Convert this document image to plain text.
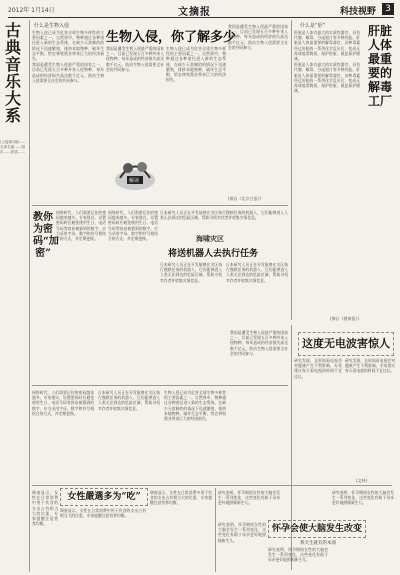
2012年 1月14日	文摘报	科技视野	3
古典音乐大系
(上接第1版)……名家名曲……国乐……欣赏……
什么是生物入侵

生物入侵已成为危害全球生物多样性的主要因素之一。自然界中，物种通过各种途径进入新的生态系统，在缺少天敌制约的情况下迅速繁殖，排挤本地物种，破坏生态平衡，给农林牧渔业带来巨大的经济损失。

我国是遭受生物入侵最严重的国家之一，目前已发现五百多种外来入侵物种，每年造成的经济损失高达数千亿元。防治生物入侵需要全社会的共同参与。

生物入侵，你了解多少
我国是遭受生物入侵最严重的国家之一，目前已发现五百多种外来入侵物种，每年造成的经济损失高达数千亿元。防治生物入侵需要全社会的共同参与。
生物入侵已成为危害全球生物多样性的主要因素之一。自然界中，物种通过各种途径进入新的生态系统，在缺少天敌制约的情况下迅速繁殖，排挤本地物种，破坏生态平衡，给农林牧渔业带来巨大的经济损失。
解读
我国是遭受生物入侵最严重的国家之一，目前已发现五百多种外来入侵物种，每年造成的经济损失高达数千亿元。防治生物入侵需要全社会的共同参与。
(摘自《北京日报》)
什么是“肝”

肝脏是人体内最大的实质性器官，具有代谢、解毒、分泌胆汁等多种功能。肝脏是人体最重要的解毒器官，各种毒素经过肝脏的一系列化学反应后，变成无毒或低毒物质。保护肝脏，就是保护健康。

肝脏是人体内最大的实质性器官，具有代谢、解毒、分泌胆汁等多种功能。肝脏是人体最重要的解毒器官，各种毒素经过肝脏的一系列化学反应后，变成无毒或低毒物质。保护肝脏，就是保护健康。

肝脏人体最重要的解毒工厂
(摘自《健康报》)
教你为密码“加密”
网络时代，人们需要记住的密码越来越多。专家建议，设置密码时应避免使用生日、电话号码等容易被猜到的数字，应当采用字母、数字和符号相结合的方式，并定期更换。
网络时代，人们需要记住的密码越来越多。专家建议，设置密码时应避免使用生日、电话号码等容易被猜到的数字，应当采用字母、数字和符号相结合的方式，并定期更换。	海啸灾区
将送机器人去执行任务
日本研究人员正在开发能够在灾区执行搜救任务的机器人，它们能够进入人类无法到达的危险区域，帮助寻找幸存者并收集灾情信息。
日本研究人员正在开发能够在灾区执行搜救任务的机器人，它们能够进入人类无法到达的危险区域，帮助寻找幸存者并收集灾情信息。
日本研究人员正在开发能够在灾区执行搜救任务的机器人，它们能够进入人类无法到达的危险区域，帮助寻找幸存者并收集灾情信息。
网络时代，人们需要记住的密码越来越多。专家建议，设置密码时应避免使用生日、电话号码等容易被猜到的数字，应当采用字母、数字和符号相结合的方式，并定期更换。
日本研究人员正在开发能够在灾区执行搜救任务的机器人，它们能够进入人类无法到达的危险区域，帮助寻找幸存者并收集灾情信息。
生物入侵已成为危害全球生物多样性的主要因素之一。自然界中，物种通过各种途径进入新的生态系统，在缺少天敌制约的情况下迅速繁殖，排挤本地物种，破坏生态平衡，给农林牧渔业带来巨大的经济损失。
我国是遭受生物入侵最严重的国家之一，目前已发现五百多种外来入侵物种，每年造成的经济损失高达数千亿元。防治生物入侵需要全社会的共同参与。
这度无电波害惊人
研究发现，长时间看电视会对健康产生不利影响，专家建议每天看电视的时间不宜过长。
研究发现，长时间看电视会对健康产生不利影响，专家建议每天看电视的时间不宜过长。
(文林)
调查显示，女性在日常消费中用于饮食的支出占有相当大的比重，专家提醒注意营养均衡。
女性嚴選多为“吃”
调查显示，女性在日常消费中用于饮食的支出占有相当大的比重，专家提醒注意营养均衡。
调查显示，女性在日常消费中用于饮食的支出占有相当大的比重，专家提醒注意营养均衡。
研究表明，怀孕期间女性的大脑会发生一系列变化，这些变化有助于母亲更好地照顾新生儿。
怀孕会使大脑发生改变
我天生就有的本领
研究表明，怀孕期间女性的大脑会发生一系列变化，这些变化有助于母亲更好地照顾新生儿。
研究表明，怀孕期间女性的大脑会发生一系列变化，这些变化有助于母亲更好地照顾新生儿。
研究表明，怀孕期间女性的大脑会发生一系列变化，这些变化有助于母亲更好地照顾新生儿。
